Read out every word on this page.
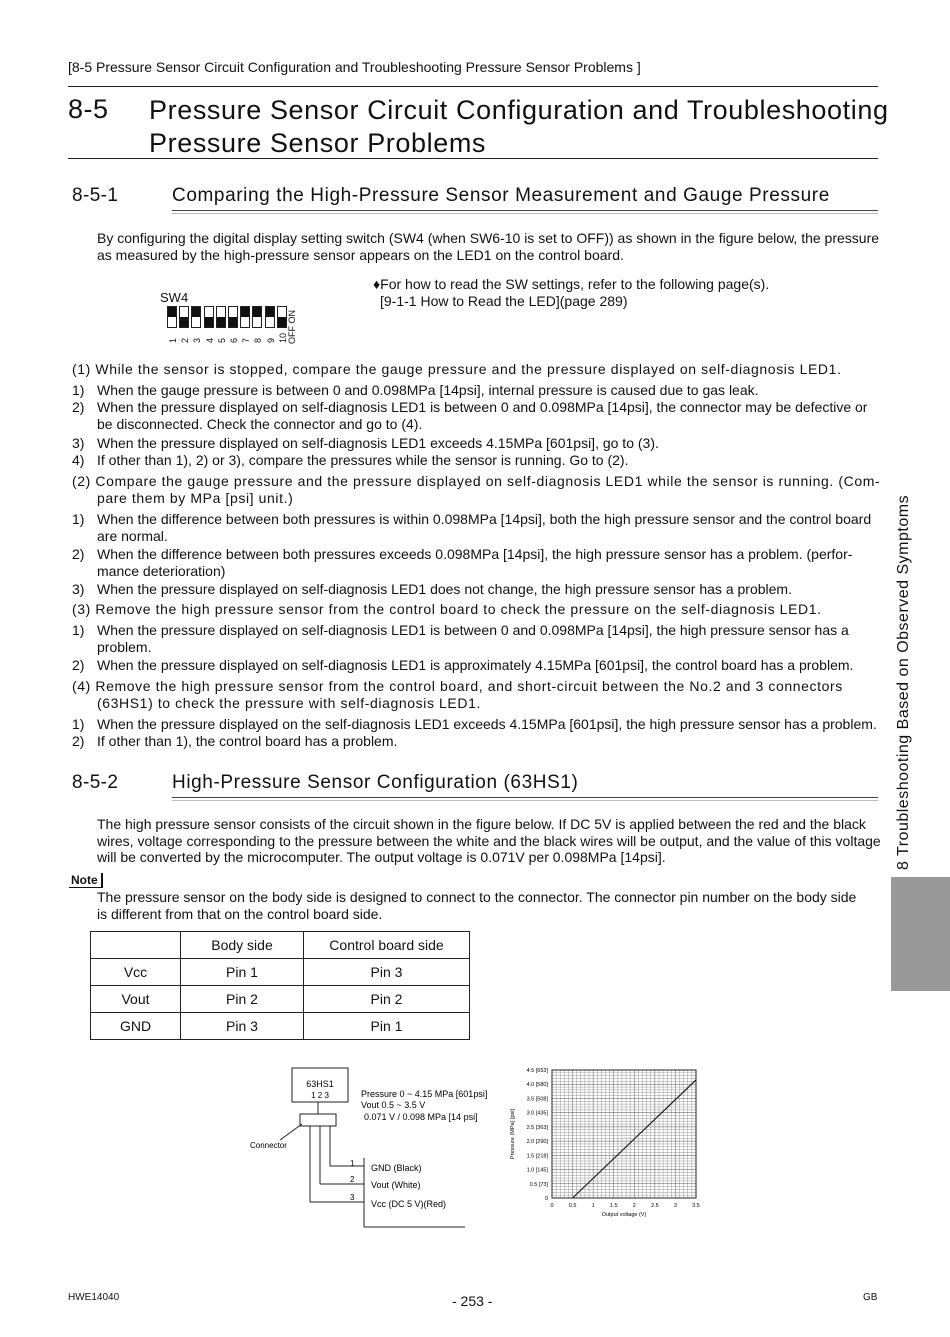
[8-5 Pressure Sensor Circuit Configuration and Troubleshooting Pressure Sensor Problems ]
8-5 Pressure Sensor Circuit Configuration and Troubleshooting
Pressure Sensor Problems
8-5-1	Comparing the High-Pressure Sensor Measurement and Gauge Pressure
By configuring the digital display setting switch (SW4 (when SW6-10 is set to OFF)) as shown in the figure below, the pressure
as measured by the high-pressure sensor appears on the LED1 on the control board.
SW4
1 2 3 4 5 6 7 8 9 10 OFF ON
♦For how to read the SW settings, refer to the following page(s).
[9-1-1 How to Read the LED](page 289)
(1) While the sensor is stopped, compare the gauge pressure and the pressure displayed on self-diagnosis LED1.
1) When the gauge pressure is between 0 and 0.098MPa [14psi], internal pressure is caused due to gas leak.
2) When the pressure displayed on self-diagnosis LED1 is between 0 and 0.098MPa [14psi], the connector may be defective or
be disconnected. Check the connector and go to (4).
3) When the pressure displayed on self-diagnosis LED1 exceeds 4.15MPa [601psi], go to (3).
4) If other than 1), 2) or 3), compare the pressures while the sensor is running. Go to (2).
(2) Compare the gauge pressure and the pressure displayed on self-diagnosis LED1 while the sensor is running. (Com-
pare them by MPa [psi] unit.)
1) When the difference between both pressures is within 0.098MPa [14psi], both the high pressure sensor and the control board
are normal.
2) When the difference between both pressures exceeds 0.098MPa [14psi], the high pressure sensor has a problem. (perfor-
mance deterioration)
3) When the pressure displayed on self-diagnosis LED1 does not change, the high pressure sensor has a problem.
(3) Remove the high pressure sensor from the control board to check the pressure on the self-diagnosis LED1.
1) When the pressure displayed on self-diagnosis LED1 is between 0 and 0.098MPa [14psi], the high pressure sensor has a
problem.
2) When the pressure displayed on self-diagnosis LED1 is approximately 4.15MPa [601psi], the control board has a problem.
(4) Remove the high pressure sensor from the control board, and short-circuit between the No.2 and 3 connectors
(63HS1) to check the pressure with self-diagnosis LED1.
1) When the pressure displayed on the self-diagnosis LED1 exceeds 4.15MPa [601psi], the high pressure sensor has a problem.
2) If other than 1), the control board has a problem.
8-5-2	High-Pressure Sensor Configuration (63HS1)
The high pressure sensor consists of the circuit shown in the figure below. If DC 5V is applied between the red and the black
wires, voltage corresponding to the pressure between the white and the black wires will be output, and the value of this voltage
will be converted by the microcomputer. The output voltage is 0.071V per 0.098MPa [14psi].
Note
The pressure sensor on the body side is designed to connect to the connector. The connector pin number on the body side
is different from that on the control board side.
	Body side	Control board side
Vcc	Pin 1	Pin 3
Vout	Pin 2	Pin 2
GND	Pin 3	Pin 1
63HS1
1 2 3
Connector
1
2
3
GND (Black)
Vout (White)
Vcc (DC 5 V)(Red)
Pressure 0 ~ 4.15 MPa [601psi]
Vout 0.5 ~ 3.5 V
0.071 V / 0.098 MPa [14 psi]
0
0.5 [73]
1.0 [145]
1.5 [218]
2.0 [290]
2.5 [363]
3.0 [435]
3.5 [508]
4.0 [580]
4.5 [653]
0	0.5	1	1.5	2	2.5	3	3.5
Output voltage (V)
Pressure (MPa) [psi]
8 Troubleshooting Based on Observed Symptoms
HWE14040	- 253 -	GB
